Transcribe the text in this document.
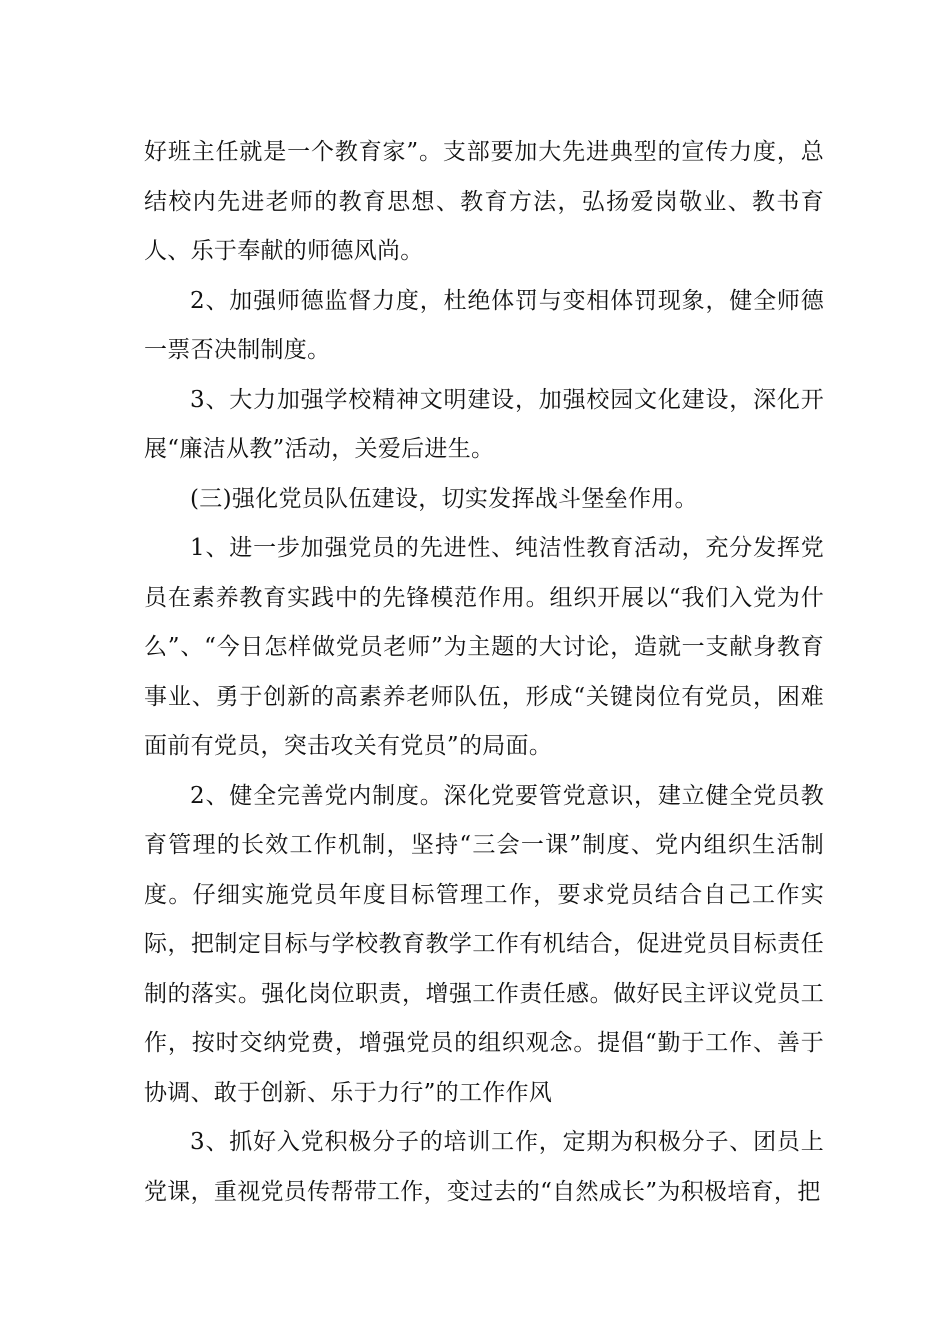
好班主任就是一个教育家”。支部要加大先进典型的宣传力度，总结校内先进老师的教育思想、教育方法，弘扬爱岗敬业、教书育人、乐于奉献的师德风尚。

2、加强师德监督力度，杜绝体罚与变相体罚现象，健全师德一票否决制制度。

3、大力加强学校精神文明建设，加强校园文化建设，深化开展“廉洁从教”活动，关爱后进生。

(三)强化党员队伍建设，切实发挥战斗堡垒作用。

1、进一步加强党员的先进性、纯洁性教育活动，充分发挥党员在素养教育实践中的先锋模范作用。组织开展以“我们入党为什么”、“今日怎样做党员老师”为主题的大讨论，造就一支献身教育事业、勇于创新的高素养老师队伍，形成“关键岗位有党员，困难面前有党员，突击攻关有党员”的局面。

2、健全完善党内制度。深化党要管党意识，建立健全党员教育管理的长效工作机制，坚持“三会一课”制度、党内组织生活制度。仔细实施党员年度目标管理工作，要求党员结合自己工作实际，把制定目标与学校教育教学工作有机结合，促进党员目标责任制的落实。强化岗位职责，增强工作责任感。做好民主评议党员工作，按时交纳党费，增强党员的组织观念。提倡“勤于工作、善于协调、敢于创新、乐于力行”的工作作风

3、抓好入党积极分子的培训工作，定期为积极分子、团员上党课，重视党员传帮带工作，变过去的“自然成长”为积极培育，把
